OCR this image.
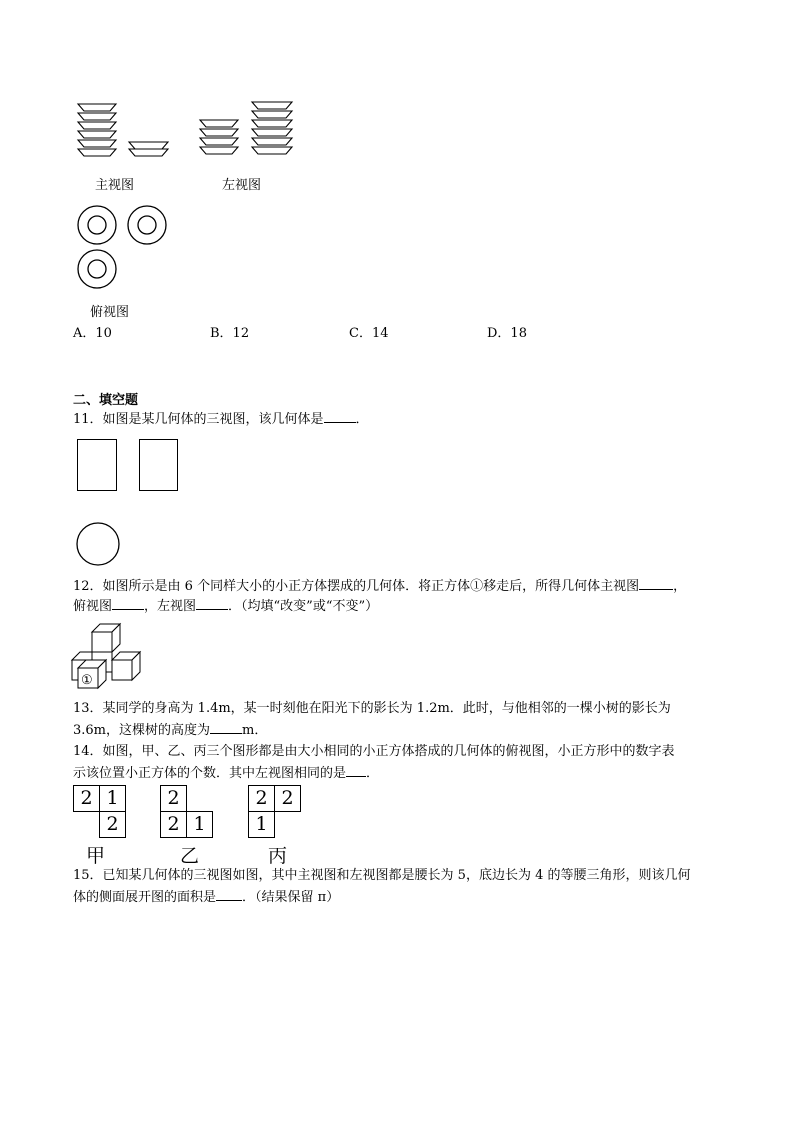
主视图	左视图
俯视图
A．10	B．12	C．14	D．18
二、填空题
11．如图是某几何体的三视图，该几何体是 ．
12．如图所示是由 6 个同样大小的小正方体摆成的几何体．将正方体①移走后，所得几何体主视图	，
俯视图 ，左视图 ．（均填“改变”或“不变”）
①
13．某同学的身高为 1.4m，某一时刻他在阳光下的影长为 1.2m．此时，与他相邻的一棵小树的影长为
3.6m，这棵树的高度为 m．
14．如图，甲、乙、丙三个图形都是由大小相同的小正方体搭成的几何体的俯视图，小正方形中的数字表
示该位置小正方体的个数．其中左视图相同的是 ．
2 1
2
甲
2
2 1
乙
2 2
1
丙
15．已知某几何体的三视图如图，其中主视图和左视图都是腰长为 5，底边长为 4 的等腰三角形，则该几何
体的侧面展开图的面积是 ．（结果保留 π）
